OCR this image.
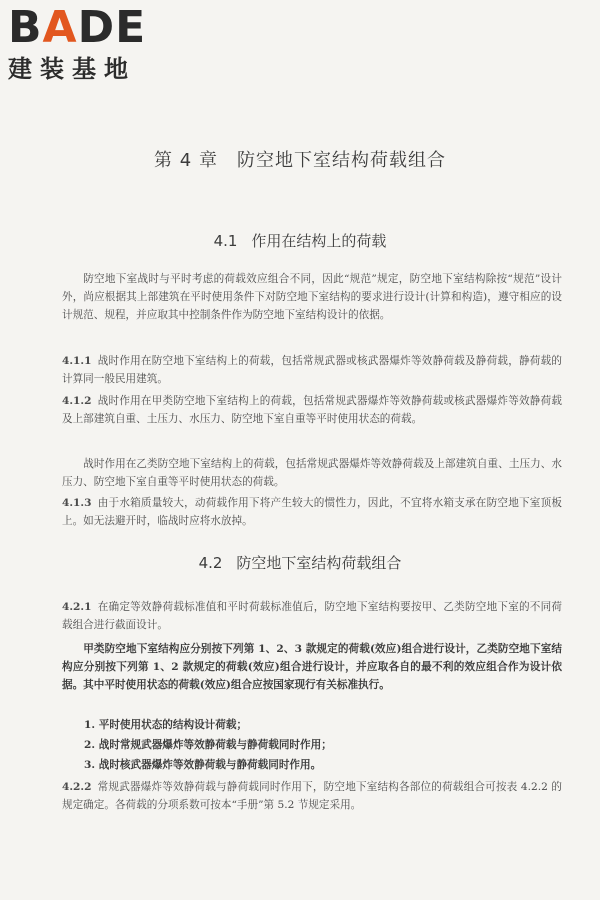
BADE
建装基地
第 4 章　防空地下室结构荷载组合
4.1 作用在结构上的荷载
防空地下室战时与平时考虑的荷载效应组合不同，因此“规范”规定，防空地下室结构除按“规范”设计外，尚应根据其上部建筑在平时使用条件下对防空地下室结构的要求进行设计(计算和构造)，遵守相应的设计规范、规程，并应取其中控制条件作为防空地下室结构设计的依据。
4.1.1 战时作用在防空地下室结构上的荷载，包括常规武器或核武器爆炸等效静荷载及静荷载，静荷载的计算同一般民用建筑。
4.1.2 战时作用在甲类防空地下室结构上的荷载，包括常规武器爆炸等效静荷载或核武器爆炸等效静荷载及上部建筑自重、土压力、水压力、防空地下室自重等平时使用状态的荷载。
战时作用在乙类防空地下室结构上的荷载，包括常规武器爆炸等效静荷载及上部建筑自重、土压力、水压力、防空地下室自重等平时使用状态的荷载。
4.1.3 由于水箱质量较大，动荷载作用下将产生较大的惯性力，因此，不宜将水箱支承在防空地下室顶板上。如无法避开时，临战时应将水放掉。
4.2 防空地下室结构荷载组合
4.2.1 在确定等效静荷载标准值和平时荷载标准值后，防空地下室结构要按甲、乙类防空地下室的不同荷载组合进行截面设计。
甲类防空地下室结构应分别按下列第 1、2、3 款规定的荷载(效应)组合进行设计，乙类防空地下室结构应分别按下列第 1、2 款规定的荷载(效应)组合进行设计，并应取各自的最不利的效应组合作为设计依据。其中平时使用状态的荷载(效应)组合应按国家现行有关标准执行。
1. 平时使用状态的结构设计荷载；
2. 战时常规武器爆炸等效静荷载与静荷载同时作用；
3. 战时核武器爆炸等效静荷载与静荷载同时作用。
4.2.2 常规武器爆炸等效静荷载与静荷载同时作用下，防空地下室结构各部位的荷载组合可按表 4.2.2 的规定确定。各荷载的分项系数可按本“手册”第 5.2 节规定采用。
